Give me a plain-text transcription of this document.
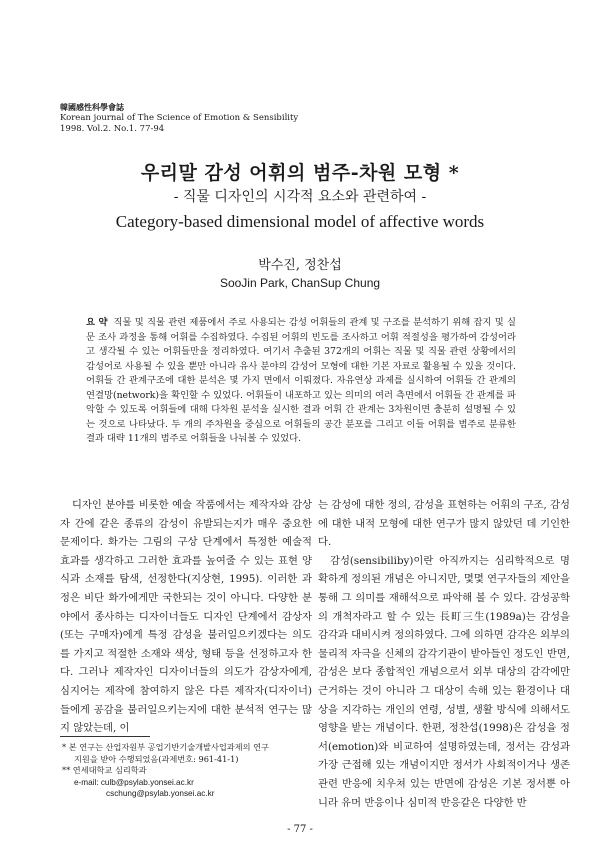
韓國感性科學會誌
Korean journal of The Science of Emotion & Sensibility
1998. Vol.2. No.1. 77-94
우리말 감성 어휘의 범주-차원 모형 *
- 직물 디자인의 시각적 요소와 관련하여 -
Category-based dimensional model of affective words
박수진, 정찬섭
SooJin Park, ChanSup Chung
요 약 직물 및 직물 관련 제품에서 주로 사용되는 감성 어휘들의 관계 및 구조를 분석하기 위해 잡지 및 실문 조사 과정을 통해 어휘를 수집하였다. 수집된 어휘의 빈도를 조사하고 어휘 적절성을 평가하여 감성어라고 생각될 수 있는 어휘들만을 정리하였다. 여기서 추출된 372개의 어휘는 직물 및 직물 관련 상황에서의 감성어로 사용될 수 있을 뿐만 아니라 유사 분야의 감성어 모형에 대한 기본 자료로 활용될 수 있을 것이다. 어휘들 간 관계구조에 대한 분석은 몇 가지 면에서 이뤄졌다. 자유연상 과제를 실시하여 어휘들 간 관계의 연결망(network)을 확인할 수 있었다. 어휘들이 내포하고 있는 의미의 여러 측면에서 어휘들 간 관계를 파악할 수 있도록 어휘들에 대해 다차원 분석을 실시한 결과 어휘 간 관계는 3차원이면 충분히 설명될 수 있는 것으로 나타났다. 두 개의 주차원을 중심으로 어휘들의 공간 분포를 그리고 이들 어휘를 범주로 분류한 결과 대략 11개의 범주로 어휘들을 나눠볼 수 있었다.

디자인 분야를 비롯한 예술 작품에서는 제작자와 감상자 간에 같은 종류의 감성이 유발되는지가 매우 중요한 문제이다. 화가는 그림의 구상 단계에서 특정한 예술적 효과를 생각하고 그러한 효과를 높여줄 수 있는 표현 양식과 소재를 탐색, 선정한다(지상현, 1995). 이러한 과정은 비단 화가에게만 국한되는 것이 아니다. 다양한 분야에서 종사하는 디자이너들도 디자인 단계에서 감상자(또는 구매자)에게 특정 감성을 불러일으키겠다는 의도를 가지고 적절한 소재와 색상, 형태 등을 선정하고자 한다. 그러나 제작자인 디자이너들의 의도가 감상자에게, 심지어는 제작에 참여하지 않은 다른 제작자(디자이너)들에게 공감을 불러일으키는지에 대한 분석적 연구는 많지 않았는데, 이

는 감성에 대한 정의, 감성을 표현하는 어휘의 구조, 감성에 대한 내적 모형에 대한 연구가 많지 않았던 데 기인한다.

감성(sensibiliby)이란 아직까지는 심리학적으로 명확하게 정의된 개념은 아니지만, 몇몇 연구자들의 제안을 통해 그 의미를 재해석으로 파악해 볼 수 있다. 감성공학의 개척자라고 할 수 있는 長町三生(1989a)는 감성을 감각과 대비시켜 정의하였다. 그에 의하면 감각은 외부의 물리적 자극을 신체의 감각기관이 받아들인 정도인 반면, 감성은 보다 종합적인 개념으로서 외부 대상의 감각에만 근거하는 것이 아니라 그 대상이 속해 있는 환경이나 대상을 지각하는 개인의 연령, 성별, 생활 방식에 의해서도 영향을 받는 개념이다. 한편, 정찬섭(1998)은 감성을 정서(emotion)와 비교하여 설명하였는데, 정서는 감성과 가장 근접해 있는 개념이지만 정서가 사회적이거나 생존 관련 반응에 치우쳐 있는 반면에 감성은 기본 정서뿐 아니라 유머 반응이나 심미적 반응같은 다양한 반

* 본 연구는 산업자원부 공업기반기술개발사업과제의 연구

지원을 받아 수행되었음(과제번호: 961-41-1)

** 연세대학교 심리학과

e-mail: culb@psylab.yonsei.ac.kr

cschung@psylab.yonsei.ac.kr

- 77 -
